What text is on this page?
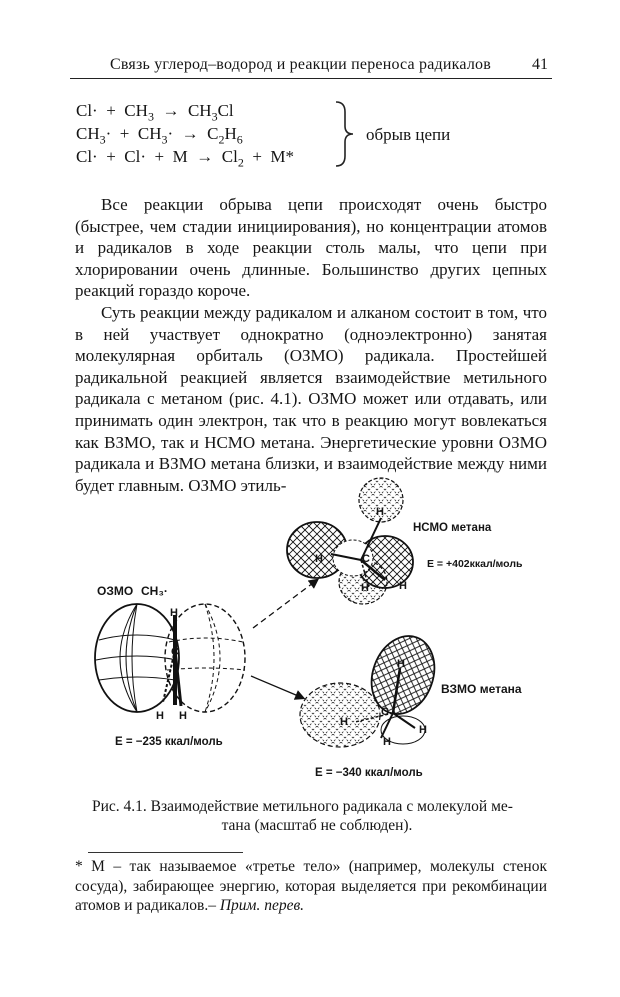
Связь углерод–водород и реакции переноса радикалов	41
$Cl\cdot + CH_3 \to CH_3Cl$
$CH_3\cdot + CH_3\cdot \to C_2H_6$
$Cl\cdot + Cl\cdot + M \to Cl_2 + M*$
обрыв цепи

Все реакции обрыва цепи происходят очень быстро (быстрее, чем стадии инициирования), но концентрации атомов и радикалов в ходе реакции столь малы, что цепи при хлорировании очень длинные. Большинство других цепных реакций гораздо короче.

Суть реакции между радикалом и алканом состоит в том, что в ней участвует однократно (одноэлектронно) занятая молекулярная орбиталь (ОЗМО) радикала. Простейшей радикальной реакцией является взаимодействие метильного радикала с метаном (рис. 4.1). ОЗМО может или отдавать, или принимать один электрон, так что в реакцию могут вовлекаться как ВЗМО, так и НСМО метана. Энергетические уровни ОЗМО радикала и ВЗМО метана близки, и взаимодействие между ними будет главным. ОЗМО этиль-

H
C
H H
H
H	C
H	H
H
C
H
H
H
ОЗМО CH₃·
E = −235 ккал/моль
НСМО метана
E = +402ккал/моль
ВЗМО метана
E = −340 ккал/моль
Рис. 4.1. Взаимодействие метильного радикала с молекулой ме-
тана (масштаб не соблюден).
* М – так называемое «третье тело» (например, молекулы стенок сосуда), забирающее энергию, которая выделяется при рекомбинации атомов и радикалов.– Прим. перев.
